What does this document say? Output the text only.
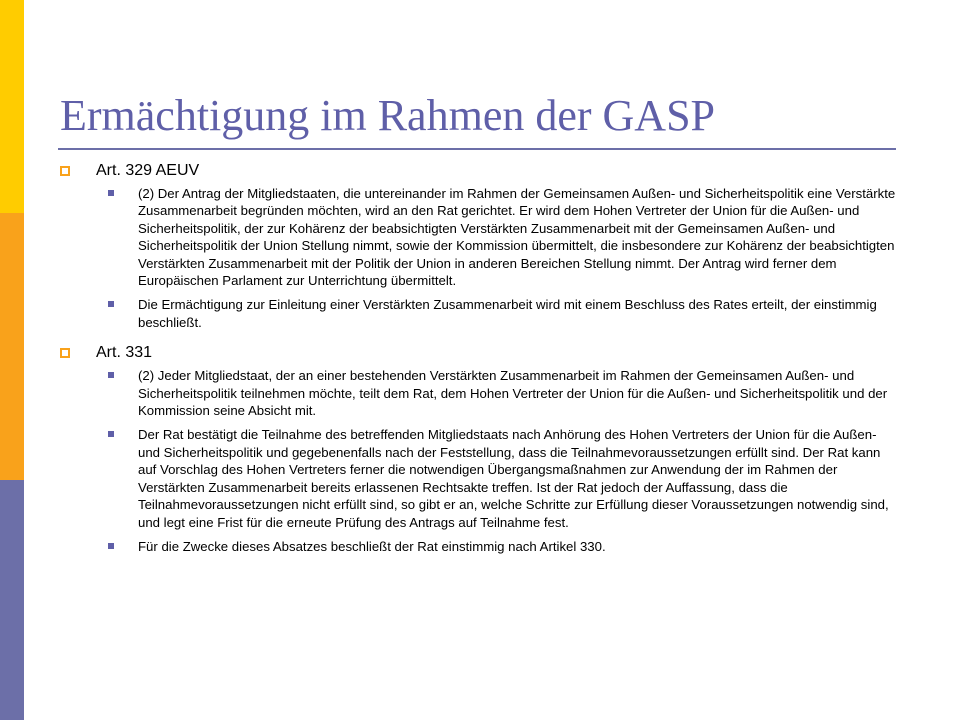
Ermächtigung im Rahmen der GASP
Art. 329 AEUV
(2) Der Antrag der Mitgliedstaaten, die untereinander im Rahmen der Gemeinsamen Außen- und Sicherheitspolitik eine Verstärkte Zusammenarbeit begründen möchten, wird an den Rat gerichtet. Er wird dem Hohen Vertreter der Union für die Außen- und Sicherheitspolitik, der zur Kohärenz der beabsichtigten Verstärkten Zusammenarbeit mit der Gemeinsamen Außen- und Sicherheitspolitik der Union Stellung nimmt, sowie der Kommission übermittelt, die insbesondere zur Kohärenz der beabsichtigten Verstärkten Zusammenarbeit mit der Politik der Union in anderen Bereichen Stellung nimmt. Der Antrag wird ferner dem Europäischen Parlament zur Unterrichtung übermittelt.
Die Ermächtigung zur Einleitung einer Verstärkten Zusammenarbeit wird mit einem Beschluss des Rates erteilt, der einstimmig beschließt.
Art. 331
(2) Jeder Mitgliedstaat, der an einer bestehenden Verstärkten Zusammenarbeit im Rahmen der Gemeinsamen Außen- und Sicherheitspolitik teilnehmen möchte, teilt dem Rat, dem Hohen Vertreter der Union für die Außen- und Sicherheitspolitik und der Kommission seine Absicht mit.
Der Rat bestätigt die Teilnahme des betreffenden Mitgliedstaats nach Anhörung des Hohen Vertreters der Union für die Außen- und Sicherheitspolitik und gegebenenfalls nach der Feststellung, dass die Teilnahmevoraussetzungen erfüllt sind. Der Rat kann auf Vorschlag des Hohen Vertreters ferner die notwendigen Übergangsmaßnahmen zur Anwendung der im Rahmen der Verstärkten Zusammenarbeit bereits erlassenen Rechtsakte treffen. Ist der Rat jedoch der Auffassung, dass die Teilnahmevoraussetzungen nicht erfüllt sind, so gibt er an, welche Schritte zur Erfüllung dieser Voraussetzungen notwendig sind, und legt eine Frist für die erneute Prüfung des Antrags auf Teilnahme fest.
Für die Zwecke dieses Absatzes beschließt der Rat einstimmig nach Artikel 330.
